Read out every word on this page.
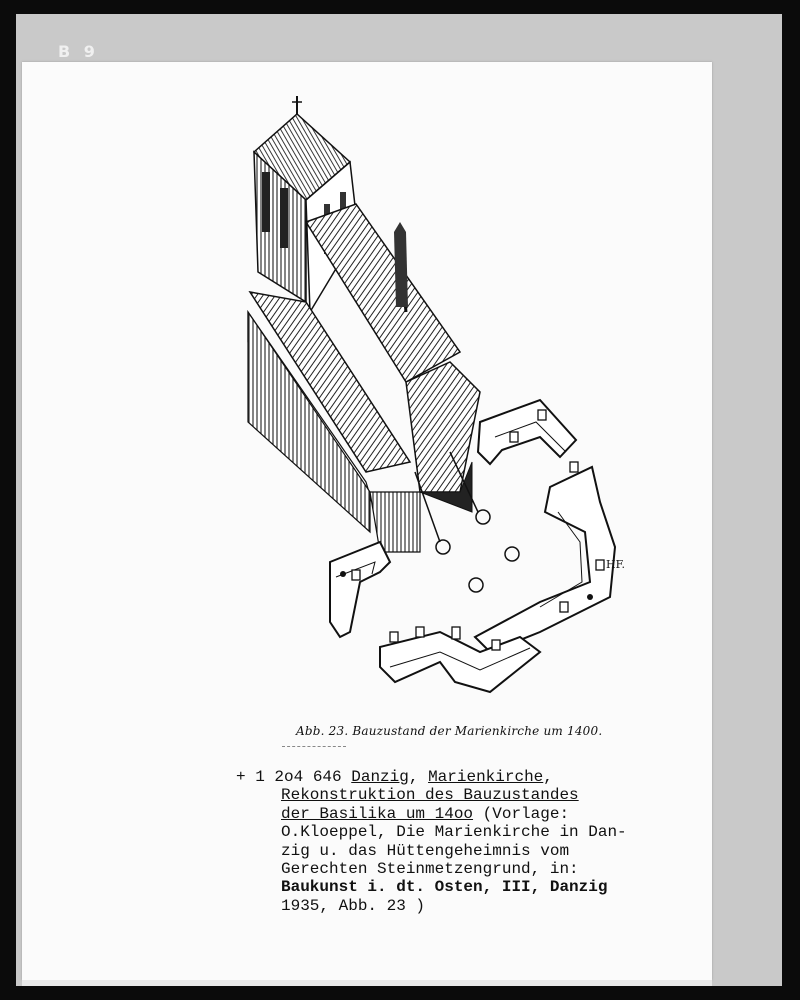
B 9
HF.
Abb. 23. Bauzustand der Marienkirche um 1400.
+ 1 2o4 646 Danzig, Marienkirche,
Rekonstruktion des Bauzustandes
der Basilika um 14oo (Vorlage:
O.Kloeppel, Die Marienkirche in Dan-
zig u. das Hüttengeheimnis vom
Gerechten Steinmetzengrund, in:
Baukunst i. dt. Osten, III, Danzig
1935, Abb. 23 )
